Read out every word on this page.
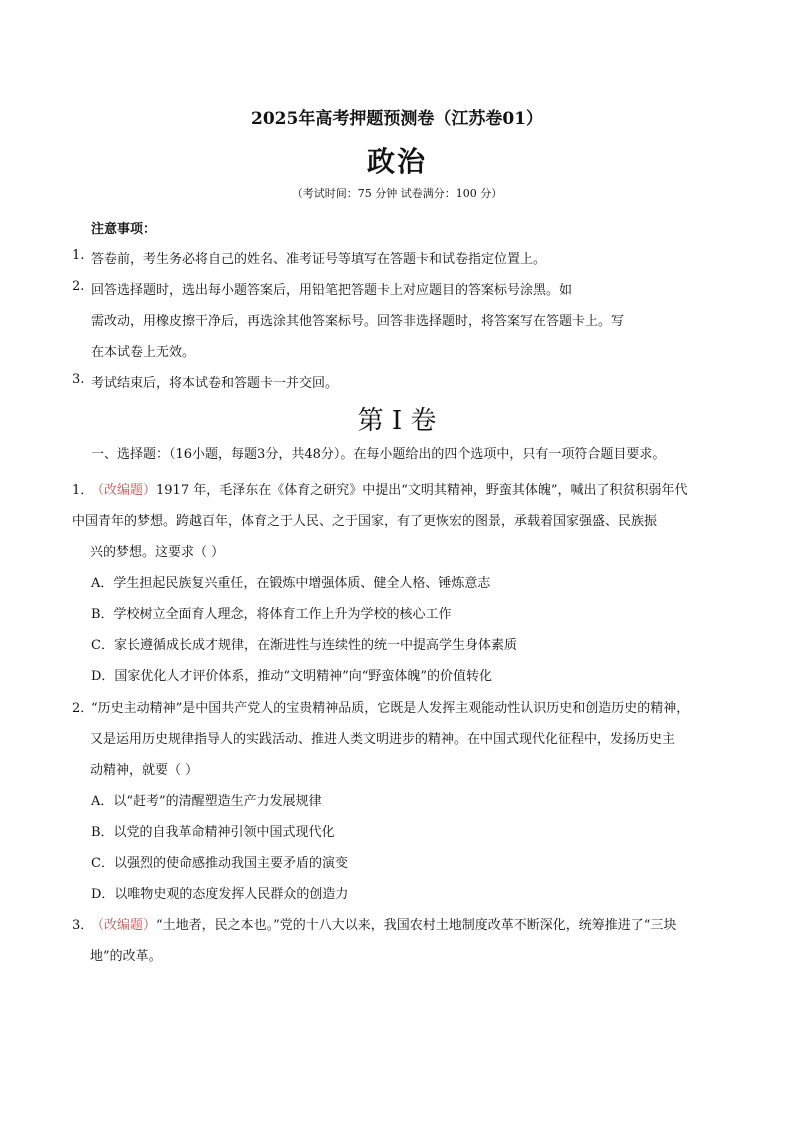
2025年高考押题预测卷（江苏卷01）
政治
（考试时间：75 分钟 试卷满分：100 分）
注意事项：
1. 答卷前，考生务必将自己的姓名、准考证号等填写在答题卡和试卷指定位置上。
2. 回答选择题时，选出每小题答案后，用铅笔把答题卡上对应题目的答案标号涂黑。如
需改动，用橡皮擦干净后，再选涂其他答案标号。回答非选择题时，将答案写在答题卡上。写
在本试卷上无效。
3. 考试结束后，将本试卷和答题卡一并交回。
第 I 卷
一、选择题：（16小题，每题3分，共48分）。在每小题给出的四个选项中，只有一项符合题目要求。
1．
（改编题）1917 年，毛泽东在《体育之研究》中提出“文明其精神，野蛮其体魄”，喊出了积贫积弱年代
中国青年的梦想。跨越百年，体育之于人民、之于国家，有了更恢宏的图景，承载着国家强盛、民族振
兴的梦想。这要求（ ）
A．学生担起民族复兴重任，在锻炼中增强体质、健全人格、锤炼意志
B．学校树立全面育人理念，将体育工作上升为学校的核心工作
C．家长遵循成长成才规律，在渐进性与连续性的统一中提高学生身体素质
D．国家优化人才评价体系，推动“文明精神”向“野蛮体魄”的价值转化
2．
“历史主动精神”是中国共产党人的宝贵精神品质，它既是人发挥主观能动性认识历史和创造历史的精神，
又是运用历史规律指导人的实践活动、推进人类文明进步的精神。在中国式现代化征程中，发扬历史主
动精神，就要（ ）
A．以“赶考”的清醒塑造生产力发展规律
B．以党的自我革命精神引领中国式现代化
C．以强烈的使命感推动我国主要矛盾的演变
D．以唯物史观的态度发挥人民群众的创造力
3．
（改编题）“土地者，民之本也。”党的十八大以来，我国农村土地制度改革不断深化，统筹推进了“三块
地”的改革。
